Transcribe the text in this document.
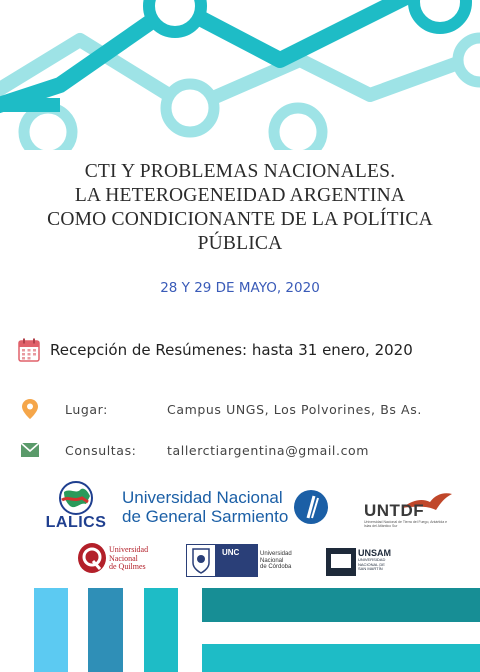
CTI Y PROBLEMAS NACIONALES.
LA HETEROGENEIDAD ARGENTINA
COMO CONDICIONANTE DE LA POLÍTICA
PÚBLICA
28 Y 29 DE MAYO, 2020
Recepción de Resúmenes: hasta 31 enero, 2020
Lugar:	Campus UNGS, Los Polvorines, Bs As.
Consultas: tallerctiargentina@gmail.com
LALICS
Universidad Nacional
de General Sarmiento	UNTDF
Universidad Nacional de Tierra del Fuego, Antártida e Islas del Atlántico Sur
Universidad
Nacional
de Quilmes
UNC	Universidad
Nacional
de Córdoba
UNSAM
UNIVERSIDAD
NACIONAL DE
SAN MARTÍN
